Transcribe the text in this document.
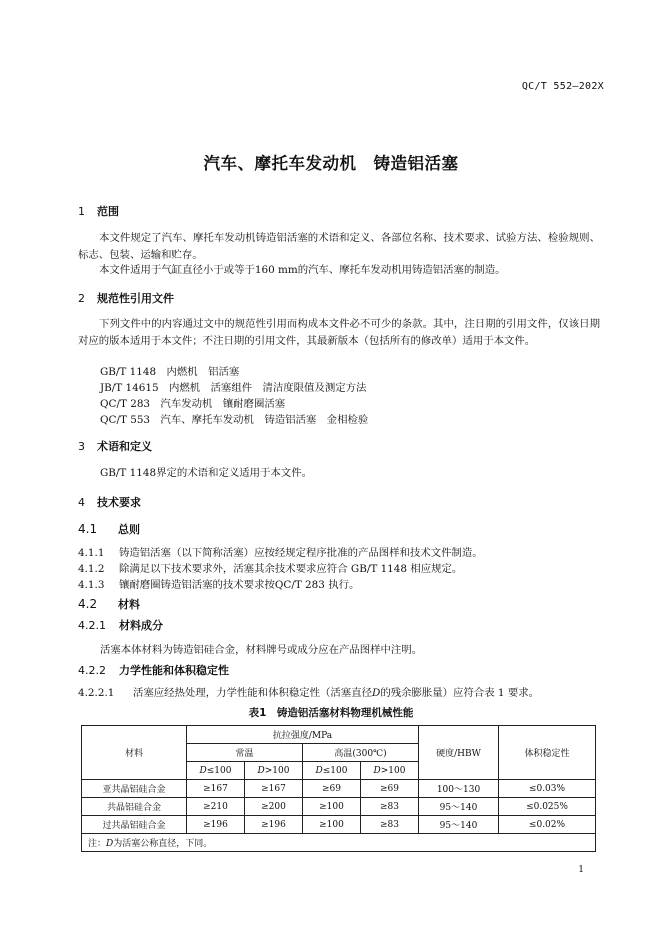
QC/T 552—202X
汽车、摩托车发动机　铸造铝活塞
1 范围
本文件规定了汽车、摩托车发动机铸造铝活塞的术语和定义、各部位名称、技术要求、试验方法、检验规则、标志、包装、运输和贮存。
本文件适用于气缸直径小于或等于160 mm的汽车、摩托车发动机用铸造铝活塞的制造。
2 规范性引用文件
下列文件中的内容通过文中的规范性引用而构成本文件必不可少的条款。其中，注日期的引用文件，仅该日期对应的版本适用于本文件；不注日期的引用文件，其最新版本（包括所有的修改单）适用于本文件。
GB/T 1148　内燃机　铝活塞
JB/T 14615　内燃机　活塞组件　清洁度限值及测定方法
QC/T 283　汽车发动机　镶耐磨圈活塞
QC/T 553　汽车、摩托车发动机　铸造铝活塞　金相检验
3 术语和定义
GB/T 1148界定的术语和定义适用于本文件。
4 技术要求
4.1 总则
4.1.1 铸造铝活塞（以下简称活塞）应按经规定程序批准的产品图样和技术文件制造。
4.1.2 除满足以下技术要求外，活塞其余技术要求应符合 GB/T 1148 相应规定。
4.1.3 镶耐磨圈铸造铝活塞的技术要求按QC/T 283 执行。
4.2 材料
4.2.1 材料成分
活塞本体材料为铸造铝硅合金，材料牌号或成分应在产品图样中注明。
4.2.2 力学性能和体积稳定性
4.2.2.1 活塞应经热处理，力学性能和体积稳定性（活塞直径D的残余膨胀量）应符合表 1 要求。
表1　铸造铝活塞材料物理机械性能
材料	抗拉强度/MPa				硬度/HBW	体积稳定性
	常温		高温(300℃)			
	D≤100	D>100	D≤100	D>100		
亚共晶铝硅合金	≥167	≥167	≥69	≥69	100～130	≤0.03%
共晶铝硅合金	≥210	≥200	≥100	≥83	95～140	≤0.025%
过共晶铝硅合金	≥196	≥196	≥100	≥83	95～140	≤0.02%
注：D为活塞公称直径，下同。						
1
